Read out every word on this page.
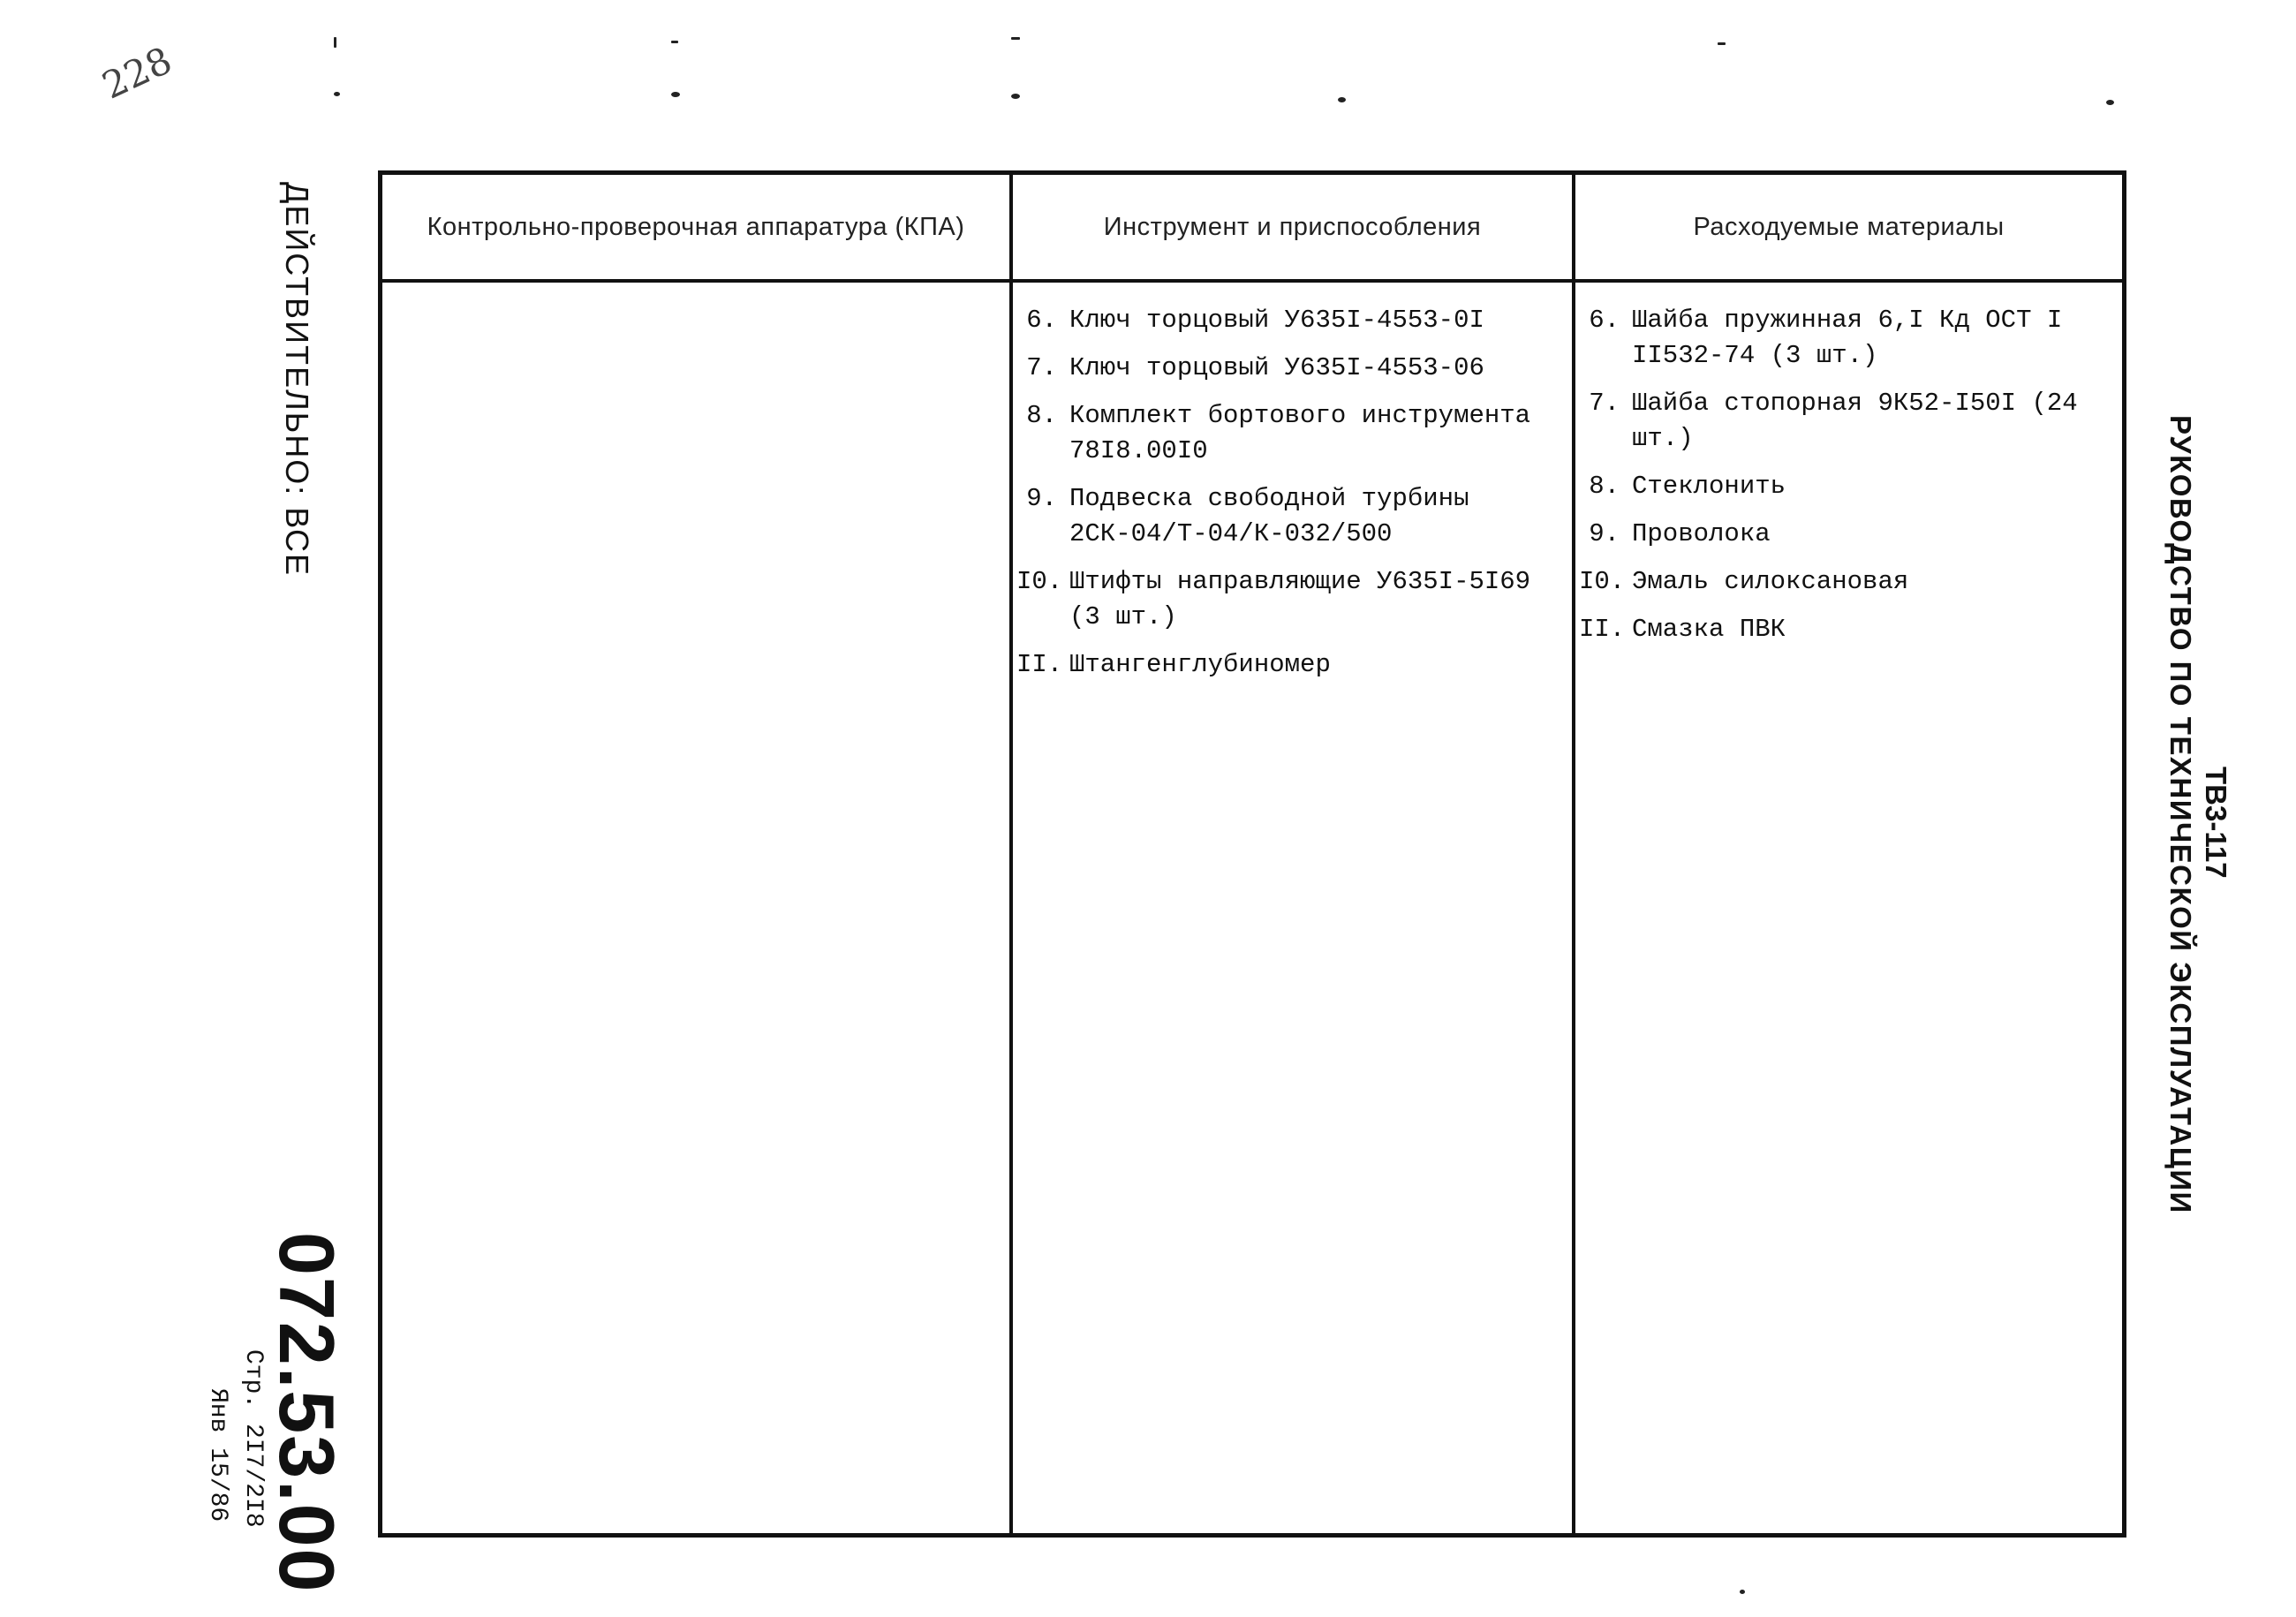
228
ДЕЙСТВИТЕЛЬНО: ВСЕ
072.53.00
Стр. 2I7/2I8
Янв 15/86
ТВ3-117
РУКОВОДСТВО ПО ТЕХНИЧЕСКОЙ ЭКСПЛУАТАЦИИ
Контрольно-проверочная аппаратура (КПА)	Инструмент и приспособления	Расходуемые материалы
6. Ключ торцовый У635I-4553-0I
7. Ключ торцовый У635I-4553-06
8. Комплект бортового инструмента 78I8.00I0
9. Подвеска свободной турбины 2СК-04/Т-04/К-032/500
I0. Штифты направляющие У635I-5I69 (3 шт.)
II. Штангенглубиномер
6. Шайба пружинная 6,I Кд ОСТ I II532-74 (3 шт.)
7. Шайба стопорная 9К52-I50I (24 шт.)
8. Стеклонить
9. Проволока
I0. Эмаль силоксановая
II. Смазка ПВК
